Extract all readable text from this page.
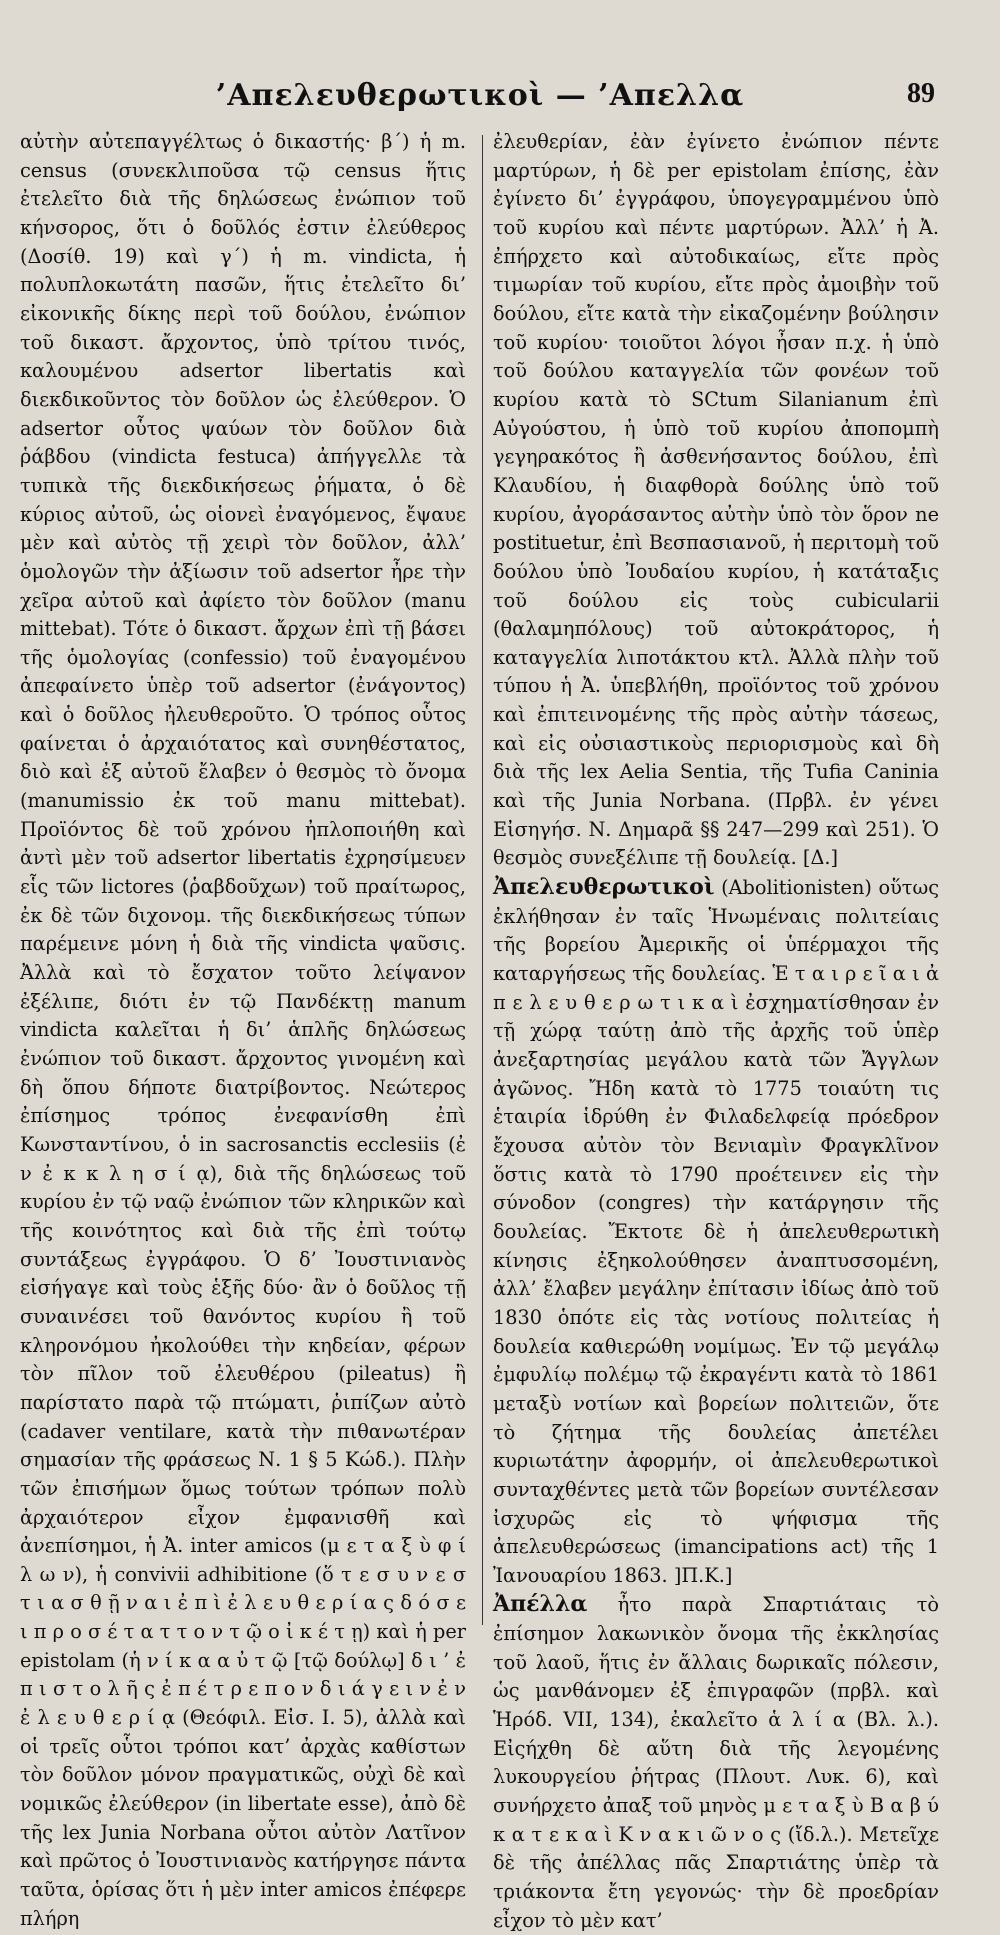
’Απελευθερωτικοὶ — ’Απελλα	89

αὐτὴν αὐτεπαγγέλτως ὁ δικαστής· β΄) ἡ m. census (συνεκλιποῦσα τῷ census ἥτις ἐτελεῖτο διὰ τῆς δηλώσεως ἐνώπιον τοῦ κήνσορος, ὅτι ὁ δοῦλός ἐστιν ἐλεύθερος (Δοσίθ. 19) καὶ γ΄) ἡ m. vindicta, ἡ πολυπλοκωτάτη πασῶν, ἥτις ἐτελεῖτο δι’ εἰκονικῆς δίκης περὶ τοῦ δούλου, ἐνώπιον τοῦ δικαστ. ἄρχοντος, ὑπὸ τρίτου τινός, καλουμένου adsertor libertatis καὶ διεκδικοῦντος τὸν δοῦλον ὡς ἐλεύθερον. Ὁ adsertor οὗτος ψαύων τὸν δοῦλον διὰ ῥάβδου (vindicta festuca) ἀπήγγελλε τὰ τυπικὰ τῆς διεκδικήσεως ῥήματα, ὁ δὲ κύριος αὐτοῦ, ὡς οἱονεὶ ἐναγόμενος, ἔψαυε μὲν καὶ αὐτὸς τῇ χειρὶ τὸν δοῦλον, ἀλλ’ ὁμολογῶν τὴν ἀξίωσιν τοῦ adsertor ἦρε τὴν χεῖρα αὐτοῦ καὶ ἀφίετο τὸν δοῦλον (manu mittebat). Τότε ὁ δικαστ. ἄρχων ἐπὶ τῇ βάσει τῆς ὁμολογίας (confessio) τοῦ ἐναγομένου ἀπεφαίνετο ὑπὲρ τοῦ adsertor (ἐνάγοντος) καὶ ὁ δοῦλος ἠλευθεροῦτο. Ὁ τρόπος οὗτος φαίνεται ὁ ἀρχαιότατος καὶ συνηθέστατος, διὸ καὶ ἐξ αὐτοῦ ἔλαβεν ὁ θεσμὸς τὸ ὄνομα (manumissio ἐκ τοῦ manu mittebat). Προϊόντος δὲ τοῦ χρόνου ἠπλοποιήθη καὶ ἀντὶ μὲν τοῦ adsertor libertatis ἐχρησίμευεν εἷς τῶν lictores (ῥαβδοῦχων) τοῦ πραίτωρος, ἐκ δὲ τῶν διχονομ. τῆς διεκδικήσεως τύπων παρέμεινε μόνη ἡ διὰ τῆς vindicta ψαῦσις. Ἀλλὰ καὶ τὸ ἔσχατον τοῦτο λείψανον ἐξέλιπε, διότι ἐν τῷ Πανδέκτῃ manum vindicta καλεῖται ἡ δι’ ἁπλῆς δηλώσεως ἐνώπιον τοῦ δικαστ. ἄρχοντος γινομένη καὶ δὴ ὅπου δήποτε διατρίβοντος. Νεώτερος ἐπίσημος τρόπος ἐνεφανίσθη ἐπὶ Κωνσταντίνου, ὁ in sacrosanctis ecclesiis (ἐ ν ἐ κ κ λ η σ ί ᾳ), διὰ τῆς δηλώσεως τοῦ κυρίου ἐν τῷ ναῷ ἐνώπιον τῶν κληρικῶν καὶ τῆς κοινότητος καὶ διὰ τῆς ἐπὶ τούτῳ συντάξεως ἐγγράφου. Ὁ δ’ Ἰουστινιανὸς εἰσήγαγε καὶ τοὺς ἑξῆς δύο· ἂν ὁ δοῦλος τῇ συναινέσει τοῦ θανόντος κυρίου ἢ τοῦ κληρονόμου ἠκολούθει τὴν κηδείαν, φέρων τὸν πῖλον τοῦ ἐλευθέρου (pileatus) ἢ παρίστατο παρὰ τῷ πτώματι, ῥιπίζων αὐτὸ (cadaver ventilare, κατὰ τὴν πιθανωτέραν σημασίαν τῆς φράσεως Ν. 1 § 5 Κώδ.). Πλὴν τῶν ἐπισήμων ὅμως τούτων τρόπων πολὺ ἀρχαιότερον εἶχον ἐμφανισθῆ καὶ ἀνεπίσημοι, ἡ Ἀ. inter amicos (μ ε τ α ξ ὺ φ ί λ ω ν), ἡ convivii adhibitione (ὅ τ ε σ υ ν ε σ τ ι α σ θ ῇ ν α ι ἐ π ὶ ἐ λ ε υ θ ε ρ ί α ς δ ό σ ε ι π ρ ο σ έ τ α τ τ ο ν τ ῷ ο ἰ κ έ τ ῃ) καὶ ἡ per epistolam (ἡ ν ί κ α α ὐ τ ῷ [τῷ δούλῳ] δ ι ’ ἐ π ι σ τ ο λ ῆ ς ἐ π έ τ ρ ε π ο ν δ ι ά γ ε ι ν ἐ ν ἐ λ ε υ θ ε ρ ί ᾳ (Θεόφιλ. Εἰσ. Ι. 5), ἀλλὰ καὶ οἱ τρεῖς οὗτοι τρόποι κατ’ ἀρχὰς καθίστων τὸν δοῦλον μόνον πραγματικῶς, οὐχὶ δὲ καὶ νομικῶς ἐλεύθερον (in libertate esse), ἀπὸ δὲ τῆς lex Junia Norbana οὗτοι αὐτὸν Λατῖνον καὶ πρῶτος ὁ Ἰουστινιανὸς κατήργησε πάντα ταῦτα, ὁρίσας ὅτι ἡ μὲν inter amicos ἐπέφερε πλήρη

ἐλευθερίαν, ἐὰν ἐγίνετο ἐνώπιον πέντε μαρτύρων, ἡ δὲ per epistolam ἐπίσης, ἐὰν ἐγίνετο δι’ ἐγγράφου, ὑπογεγραμμένου ὑπὸ τοῦ κυρίου καὶ πέντε μαρτύρων. Ἀλλ’ ἡ Ἀ. ἐπήρχετο καὶ αὐτοδικαίως, εἴτε πρὸς τιμωρίαν τοῦ κυρίου, εἴτε πρὸς ἀμοιβὴν τοῦ δούλου, εἴτε κατὰ τὴν εἰκαζομένην βούλησιν τοῦ κυρίου· τοιοῦτοι λόγοι ἦσαν π.χ. ἡ ὑπὸ τοῦ δούλου καταγγελία τῶν φονέων τοῦ κυρίου κατὰ τὸ SCtum Silanianum ἐπὶ Αὐγούστου, ἡ ὑπὸ τοῦ κυρίου ἀποπομπὴ γεγηρακότος ἢ ἀσθενήσαντος δούλου, ἐπὶ Κλαυδίου, ἡ διαφθορὰ δούλης ὑπὸ τοῦ κυρίου, ἀγοράσαντος αὐτὴν ὑπὸ τὸν ὅρον ne postituetur, ἐπὶ Βεσπασιανοῦ, ἡ περιτομὴ τοῦ δούλου ὑπὸ Ἰουδαίου κυρίου, ἡ κατάταξις τοῦ δούλου εἰς τοὺς cubicularii (θαλαμηπόλους) τοῦ αὐτοκράτορος, ἡ καταγγελία λιποτάκτου κτλ. Ἀλλὰ πλὴν τοῦ τύπου ἡ Ἀ. ὑπεβλήθη, προϊόντος τοῦ χρόνου καὶ ἐπιτεινομένης τῆς πρὸς αὐτὴν τάσεως, καὶ εἰς οὐσιαστικοὺς περιορισμοὺς καὶ δὴ διὰ τῆς lex Aelia Sentia, τῆς Tufia Caninia καὶ τῆς Junia Norbana. (Πρβλ. ἐν γένει Εἰσηγήσ. Ν. Δημαρᾶ §§ 247—299 καὶ 251). Ὁ θεσμὸς συνεξέλιπε τῇ δουλείᾳ. [Δ.]

Ἀπελευθερωτικοὶ (Abolitionisten) οὕτως ἐκλήθησαν ἐν ταῖς Ἡνωμέναις πολιτείαις τῆς βορείου Ἀμερικῆς οἱ ὑπέρμαχοι τῆς καταργήσεως τῆς δουλείας. Ἑ τ α ι ρ ε ῖ α ι ἀ π ε λ ε υ θ ε ρ ω τ ι κ α ὶ ἐσχηματίσθησαν ἐν τῇ χώρᾳ ταύτῃ ἀπὸ τῆς ἀρχῆς τοῦ ὑπὲρ ἀνεξαρτησίας μεγάλου κατὰ τῶν Ἄγγλων ἀγῶνος. Ἤδη κατὰ τὸ 1775 τοιαύτη τις ἑταιρία ἱδρύθη ἐν Φιλαδελφείᾳ πρόεδρον ἔχουσα αὐτὸν τὸν Βενιαμὶν Φραγκλῖνον ὅστις κατὰ τὸ 1790 προέτεινεν εἰς τὴν σύνοδον (congres) τὴν κατάργησιν τῆς δουλείας. Ἔκτοτε δὲ ἡ ἀπελευθερωτικὴ κίνησις ἐξηκολούθησεν ἀναπτυσσομένη, ἀλλ’ ἔλαβεν μεγάλην ἐπίτασιν ἰδίως ἀπὸ τοῦ 1830 ὁπότε εἰς τὰς νοτίους πολιτείας ἡ δουλεία καθιερώθη νομίμως. Ἐν τῷ μεγάλῳ ἐμφυλίῳ πολέμῳ τῷ ἐκραγέντι κατὰ τὸ 1861 μεταξὺ νοτίων καὶ βορείων πολιτειῶν, ὅτε τὸ ζήτημα τῆς δουλείας ἀπετέλει κυριωτάτην ἀφορμήν, οἱ ἀπελευθερωτικοὶ συνταχθέντες μετὰ τῶν βορείων συντέλεσαν ἰσχυρῶς εἰς τὸ ψήφισμα τῆς ἀπελευθερώσεως (imancipations act) τῆς 1 Ἰανουαρίου 1863. ]Π.Κ.]

Ἀπέλλα ἦτο παρὰ Σπαρτιάταις τὸ ἐπίσημον λακωνικὸν ὄνομα τῆς ἐκκλησίας τοῦ λαοῦ, ἥτις ἐν ἄλλαις δωρικαῖς πόλεσιν, ὡς μανθάνομεν ἐξ ἐπιγραφῶν (πρβλ. καὶ Ἡρόδ. VII, 134), ἐκαλεῖτο ἁ λ ί α (Βλ. λ.). Εἰςήχθη δὲ αὕτη διὰ τῆς λεγομένης λυκουργείου ῥήτρας (Πλουτ. Λυκ. 6), καὶ συνήρχετο ἀπαξ τοῦ μηνὸς μ ε τ α ξ ὺ Β α β ύ κ α τ ε κ α ὶ Κ ν α κ ι ῶ ν ο ς (ἴδ.λ.). Μετεῖχε δὲ τῆς ἀπέλλας πᾶς Σπαρτιάτης ὑπὲρ τὰ τριάκοντα ἔτη γεγονώς· τὴν δὲ προεδρίαν εἶχον τὸ μὲν κατ’
